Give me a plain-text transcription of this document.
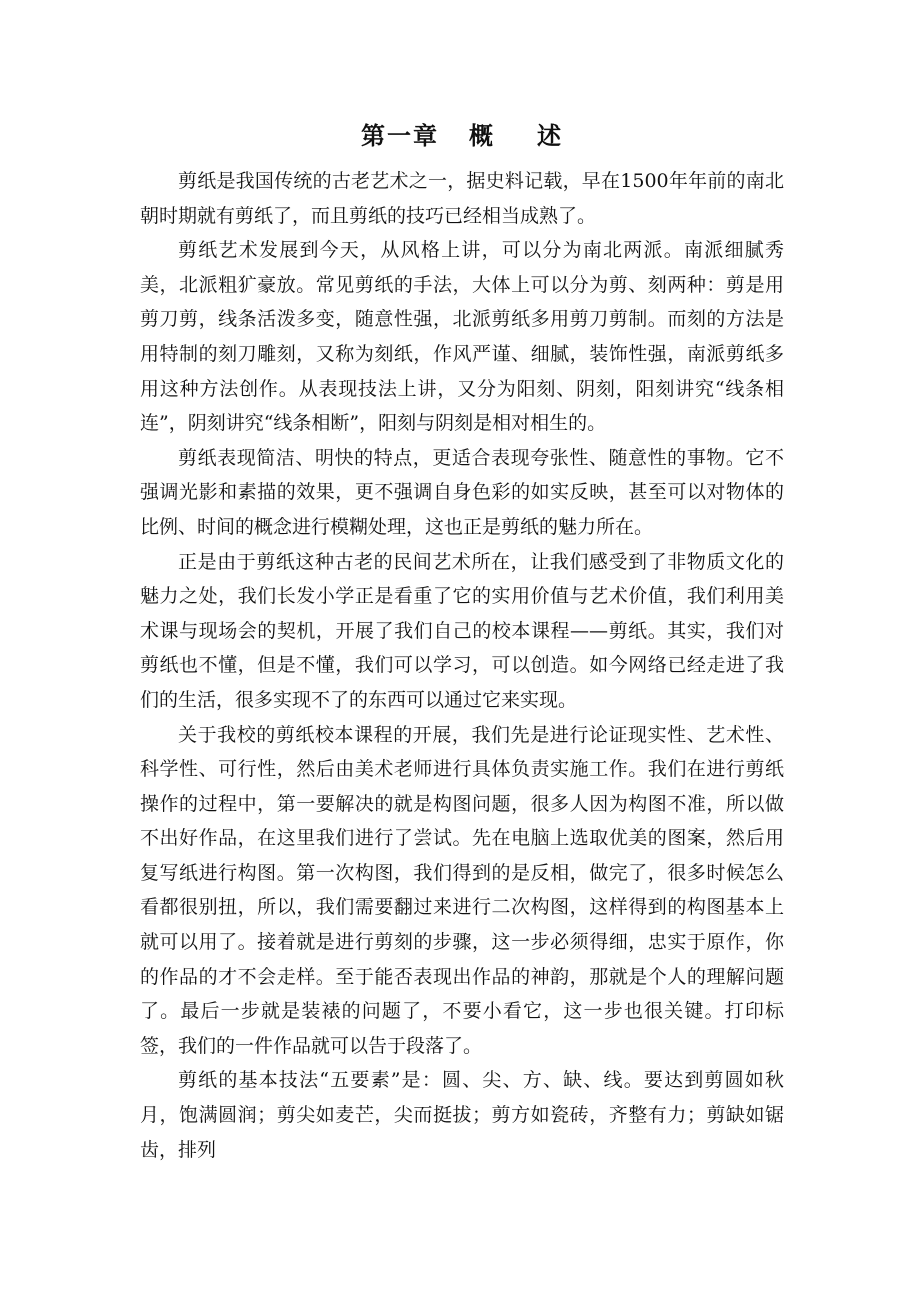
第一章 概 述

剪纸是我国传统的古老艺术之一，据史料记载，早在1500年年前的南北朝时期就有剪纸了，而且剪纸的技巧已经相当成熟了。

剪纸艺术发展到今天，从风格上讲，可以分为南北两派。南派细腻秀美，北派粗犷豪放。常见剪纸的手法，大体上可以分为剪、刻两种：剪是用剪刀剪，线条活泼多变，随意性强，北派剪纸多用剪刀剪制。而刻的方法是用特制的刻刀雕刻，又称为刻纸，作风严谨、细腻，装饰性强，南派剪纸多用这种方法创作。从表现技法上讲，又分为阳刻、阴刻，阳刻讲究“线条相连”，阴刻讲究“线条相断”，阳刻与阴刻是相对相生的。

剪纸表现简洁、明快的特点，更适合表现夸张性、随意性的事物。它不强调光影和素描的效果，更不强调自身色彩的如实反映，甚至可以对物体的比例、时间的概念进行模糊处理，这也正是剪纸的魅力所在。

正是由于剪纸这种古老的民间艺术所在，让我们感受到了非物质文化的魅力之处，我们长发小学正是看重了它的实用价值与艺术价值，我们利用美术课与现场会的契机，开展了我们自己的校本课程——剪纸。其实，我们对剪纸也不懂，但是不懂，我们可以学习，可以创造。如今网络已经走进了我们的生活，很多实现不了的东西可以通过它来实现。

关于我校的剪纸校本课程的开展，我们先是进行论证现实性、艺术性、科学性、可行性，然后由美术老师进行具体负责实施工作。我们在进行剪纸操作的过程中，第一要解决的就是构图问题，很多人因为构图不准，所以做不出好作品，在这里我们进行了尝试。先在电脑上选取优美的图案，然后用复写纸进行构图。第一次构图，我们得到的是反相，做完了，很多时候怎么看都很别扭，所以，我们需要翻过来进行二次构图，这样得到的构图基本上就可以用了。接着就是进行剪刻的步骤，这一步必须得细，忠实于原作，你的作品的才不会走样。至于能否表现出作品的神韵，那就是个人的理解问题了。最后一步就是装裱的问题了，不要小看它，这一步也很关键。打印标签，我们的一件作品就可以告于段落了。

剪纸的基本技法“五要素”是：圆、尖、方、缺、线。要达到剪圆如秋月，饱满圆润；剪尖如麦芒，尖而挺拔；剪方如瓷砖，齐整有力；剪缺如锯齿，排列
